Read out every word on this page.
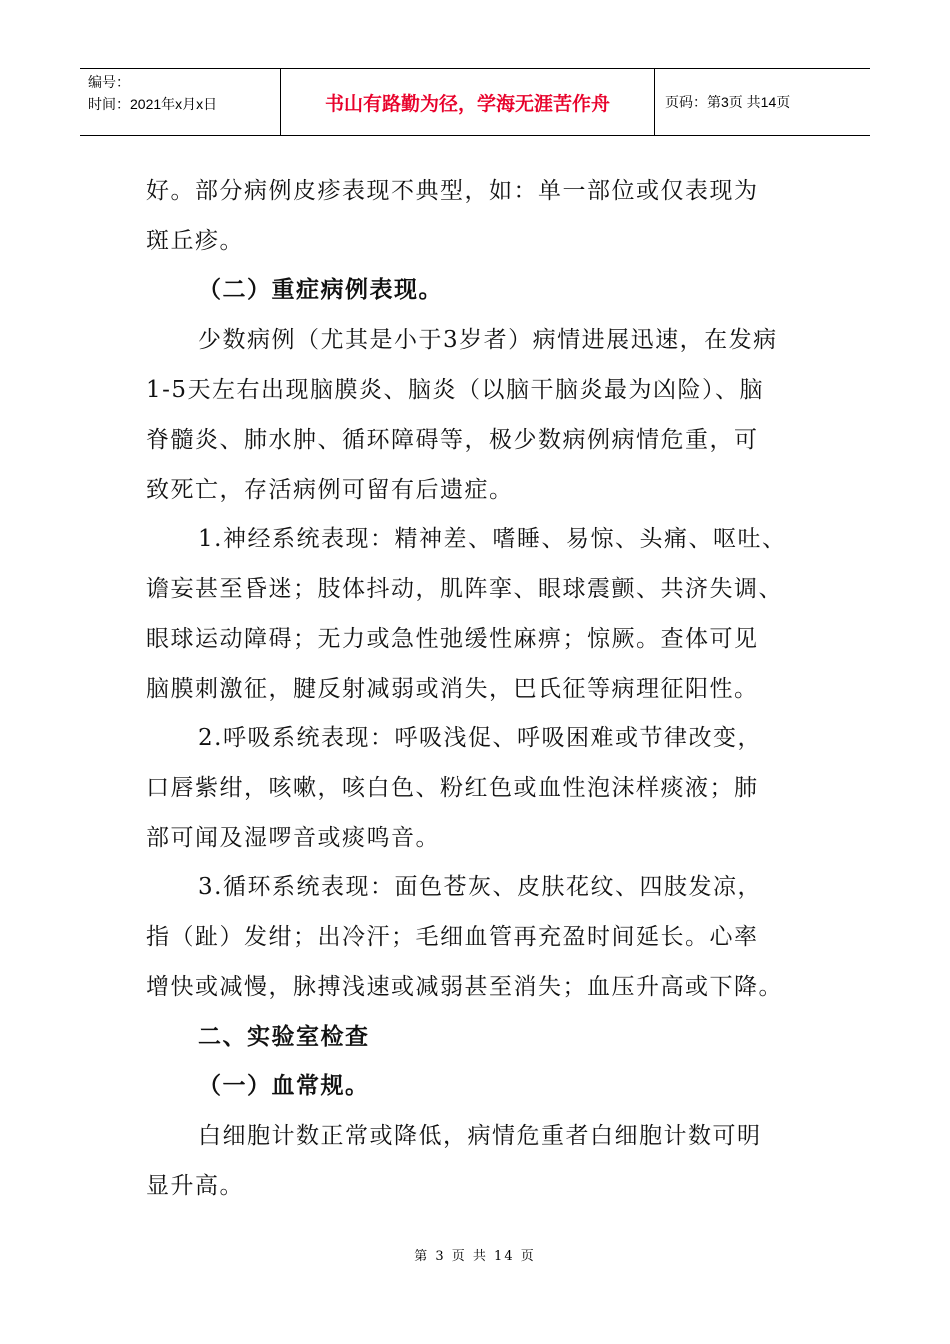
编号：
时间：2021年x月x日	书山有路勤为径，学海无涯苦作舟	页码：第3页 共14页
好。部分病例皮疹表现不典型，如：单一部位或仅表现为
斑丘疹。
（二）重症病例表现。
少数病例（尤其是小于3岁者）病情进展迅速，在发病
1-5天左右出现脑膜炎、脑炎（以脑干脑炎最为凶险）、脑
脊髓炎、肺水肿、循环障碍等，极少数病例病情危重，可
致死亡，存活病例可留有后遗症。
1.神经系统表现：精神差、嗜睡、易惊、头痛、呕吐、
谵妄甚至昏迷；肢体抖动，肌阵挛、眼球震颤、共济失调、
眼球运动障碍；无力或急性弛缓性麻痹；惊厥。查体可见
脑膜刺激征，腱反射减弱或消失，巴氏征等病理征阳性。
2.呼吸系统表现：呼吸浅促、呼吸困难或节律改变，
口唇紫绀，咳嗽，咳白色、粉红色或血性泡沫样痰液；肺
部可闻及湿啰音或痰鸣音。
3.循环系统表现：面色苍灰、皮肤花纹、四肢发凉，
指（趾）发绀；出冷汗；毛细血管再充盈时间延长。心率
增快或减慢，脉搏浅速或减弱甚至消失；血压升高或下降。
二、实验室检查
（一）血常规。
白细胞计数正常或降低，病情危重者白细胞计数可明
显升高。
第 3 页 共 14 页
